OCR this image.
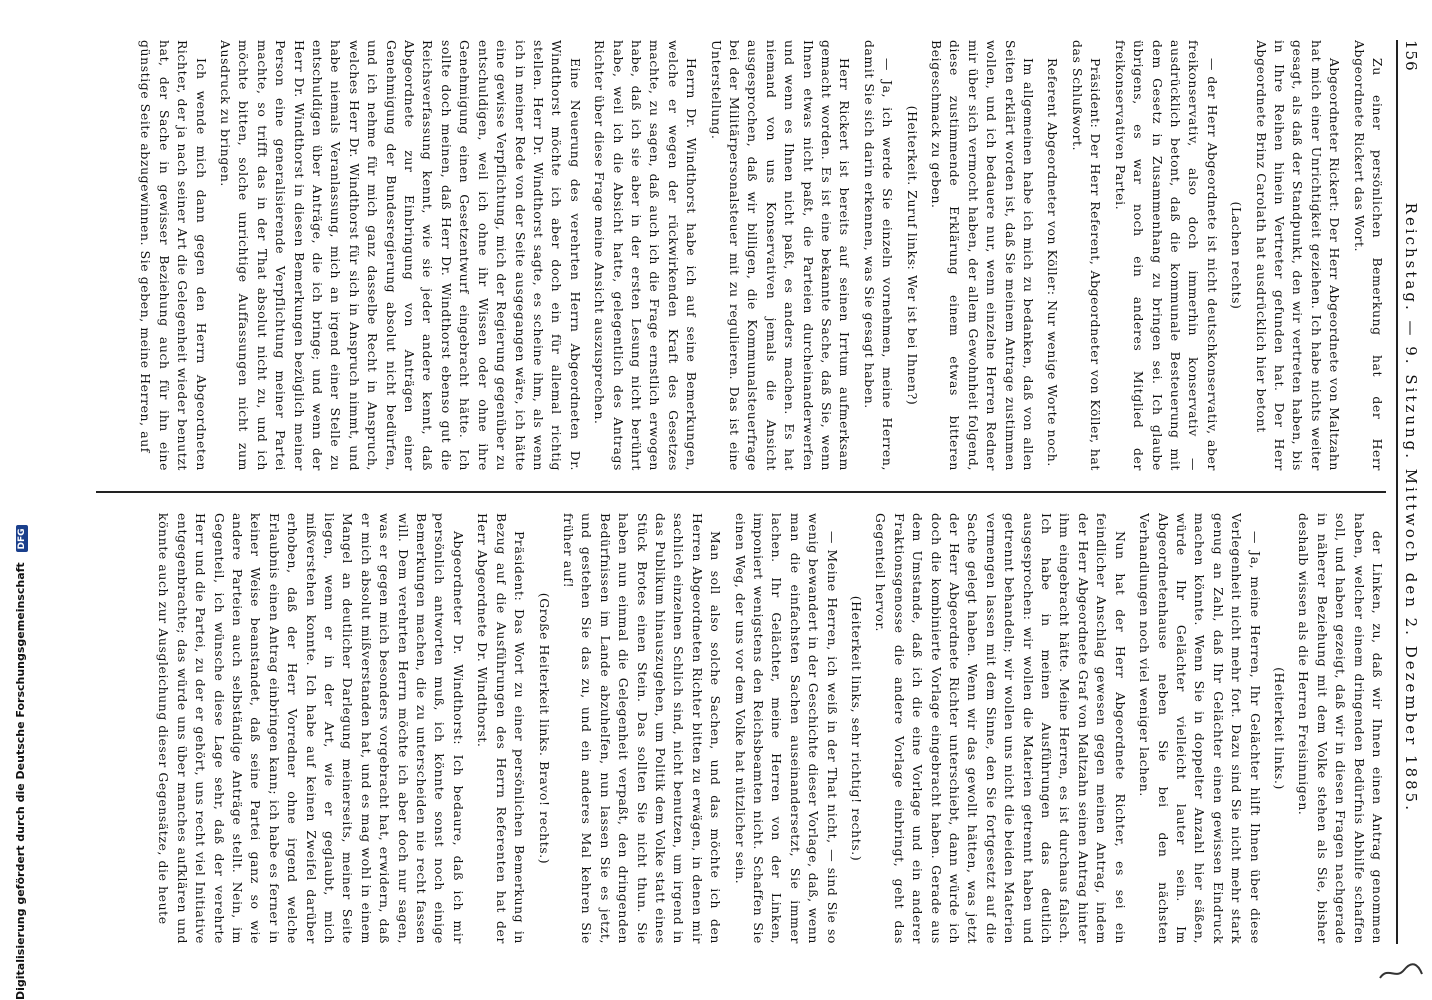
156
Reichstag. — 9. Sitzung. Mittwoch den 2. Dezember 1885.

Zu einer persönlichen Bemerkung hat der Herr Abgeordnete Rickert das Wort.

Abgeordneter Rickert: Der Herr Abgeordnete von Maltzahn hat mich einer Unrichtigkeit geziehen. Ich habe nichts weiter gesagt, als daß der Standpunkt, den wir vertreten haben, bis in Ihre Reihen hinein Vertreter gefunden hat. Der Herr Abgeordnete Brinz Carolath hat ausdrücklich hier betont

(Lachen rechts)

— der Herr Abgeordnete ist nicht deutschkonservativ, aber freikonservativ, also doch immerhin konservativ — ausdrücklich betont, daß die kommunale Besteuerung mit dem Gesetz in Zusammenhang zu bringen sei. Ich glaube übrigens, es war noch ein anderes Mitglied der freikonservativen Partei.

Präsident: Der Herr Referent, Abgeordneter von Köller, hat das Schlußwort.

Referent Abgeordneter von Köller: Nur wenige Worte noch.

Im allgemeinen habe ich mich zu bedanken, daß von allen Seiten erklärt worden ist, daß Sie meinem Antrage zustimmen wollen, und ich bedauere nur, wenn einzelne Herren Redner mir über sich vermocht haben, der allem Gewohnheit folgend, diese zustimmende Erklärung einem etwas bitteren Beigeschmack zu geben.

(Heiterkeit. Zuruf links: Wer ist bei Ihnen?)

— Ja, ich werde Sie einzeln vornehmen, meine Herren, damit Sie sich darin erkennen, was Sie gesagt haben.

Herr Rickert ist bereits auf seinen Irrtum aufmerksam gemacht worden. Es ist eine bekannte Sache, daß Sie, wenn Ihnen etwas nicht paßt, die Parteien durcheinanderwerfen und wenn es Ihnen nicht paßt, es anders machen. Es hat niemand von uns Konservativen jemals die Ansicht ausgesprochen, daß wir billigen, die Kommunalsteuerfrage bei der Militärpersonalsteuer mit zu regulieren. Das ist eine Unterstellung.

Herrn Dr. Windthorst habe ich auf seine Bemerkungen, welche er wegen der rückwirkenden Kraft des Gesetzes machte, zu sagen, daß auch ich die Frage ernstlich erwogen habe, daß ich sie aber in der ersten Lesung nicht berührt habe, weil ich die Absicht hatte, gelegentlich des Antrags Richter über diese Frage meine Ansicht auszusprechen.

Eine Neuerung des verehrten Herrn Abgeordneten Dr. Windthorst möchte ich aber doch ein für allemal richtig stellen. Herr Dr. Windthorst sagte, es scheine ihm, als wenn ich in meiner Rede von der Seite ausgegangen wäre, ich hätte eine gewisse Verpflichtung, mich der Regierung gegenüber zu entschuldigen, weil ich ohne ihr Wissen oder ohne ihre Genehmigung einen Gesetzentwurf eingebracht hätte. Ich sollte doch meinen, daß Herr Dr. Windthorst ebenso gut die Reichsverfassung kennt, wie sie jeder andere kennt, daß Abgeordnete zur Einbringung von Anträgen einer Genehmigung der Bundesregierung absolut nicht bedürfen, und ich nehme für mich ganz dasselbe Recht in Anspruch, welches Herr Dr. Windthorst für sich in Anspruch nimmt, und habe niemals Veranlassung, mich an irgend einer Stelle zu entschuldigen über Anträge, die ich bringe; und wenn der Herr Dr. Windthorst in diesen Bemerkungen bezüglich meiner Person eine generalisierende Verpflichtung meiner Partei machte, so trifft das in der That absolut nicht zu, und ich möchte bitten, solche unrichtige Auffassungen nicht zum Ausdruck zu bringen.

Ich wende mich dann gegen den Herrn Abgeordneten Richter, der ja nach seiner Art die Gelegenheit wieder benutzt hat, der Sache in gewisser Beziehung auch für ihn eine günstige Seite abzugewinnen. Sie geben, meine Herren, auf

der Linken, zu, daß wir Ihnen einen Antrag genommen haben, welcher einem dringenden Bedürfnis Abhilfe schaffen soll, und haben gezeigt, daß wir in diesen Fragen nachgerade in näherer Beziehung mit dem Volke stehen als Sie, bisher deshalb wissen als die Herren Freisinnigen.

(Heiterkeit links.)

— Ja, meine Herren, Ihr Gelächter hilft Ihnen über diese Verlegenheit nicht mehr fort. Dazu sind Sie nicht mehr stark genug an Zahl, daß Ihr Gelächter einen gewissen Eindruck machen könnte. Wenn Sie in doppelter Anzahl hier säßen, würde Ihr Gelächter vielleicht lauter sein. Im Abgeordnetenhause neben Sie bei den nächsten Verhandlungen noch viel weniger lachen.

Nun hat der Herr Abgeordnete Richter, es sei ein feindlicher Anschlag gewesen gegen meinen Antrag, indem der Herr Abgeordnete Graf von Maltzahn seinen Antrag hinter ihm eingebracht hätte. Meine Herren, es ist durchaus falsch. Ich habe in meinen Ausführungen das deutlich ausgesprochen: wir wollen die Materien getrennt haben und getrennt behandeln; wir wollen uns nicht die beiden Materien vermengen lassen mit dem Sinne, den Sie fortgesetzt auf die Sache gelegt haben. Wenn wir das gewollt hätten, was jetzt der Herr Abgeordnete Richter unterschiebt, dann würde ich doch die kombinierte Vorlage eingebracht haben. Gerade aus dem Umstande, daß ich die eine Vorlage und ein anderer Fraktionsgenosse die andere Vorlage einbringt, geht das Gegenteil hervor.

(Heiterkeit links, sehr richtig! rechts.)

— Meine Herren, ich weiß in der That nicht, — sind Sie so wenig bewandert in der Geschichte dieser Vorlage, daß, wenn man die einfachsten Sachen auseinandersetzt, Sie immer lachen. Ihr Gelächter, meine Herren von der Linken, imponiert wenigstens den Reichsbeamten nicht. Schaffen Sie einen Weg, der uns vor dem Volke hat nützlicher sein.

Man soll also solche Sachen, und das möchte ich den Herren Abgeordneten Richter bitten zu erwägen, in denen mir sachlich einzelnen Schlich sind, nicht benutzen, um irgend in das Publikum hinauszugehen, um Politik dem Volke statt eines Stück Brotes einen Stein. Das sollten Sie nicht thun. Sie haben nun einmal die Gelegenheit verpaßt, den dringenden Bedürfnissen im Lande abzuhelfen, nun lassen Sie es jetzt, und gestehen Sie das zu, und ein anderes Mal kehren Sie früher auf!

(Große Heiterkeit links. Bravo! rechts.)

Präsident: Das Wort zu einer persönlichen Bemerkung in Bezug auf die Ausführungen des Herrn Referenten hat der Herr Abgeordnete Dr. Windthorst.

Abgeordneter Dr. Windthorst: Ich bedaure, daß ich mir persönlich antworten muß, ich könnte sonst noch einige Bemerkungen machen, die zu unterscheiden nie recht fassen will. Dem verehrten Herrn möchte ich aber doch nur sagen, was er gegen mich besonders vorgebracht hat, erwidern, daß er mich absolut mißverstanden hat, und es mag wohl in einem Mangel an deutlicher Darlegung meinerseits, meiner Seite liegen, wenn er in der Art, wie er geglaubt, mich mißverstehen konnte. Ich habe auf keinen Zweifel darüber erhoben, daß der Herr Vorredner ohne irgend welche Erlaubnis einen Antrag einbringen kann; ich habe es ferner in keiner Weise beanstandet, daß seine Partei ganz so wie andere Parteien auch selbständige Anträge stellt. Nein, im Gegenteil, ich wünsche diese Lage sehr, daß der verehrte Herr und die Partei, zu der er gehört, uns recht viel Initiative entgegenbrachte; das würde uns über manches aufklären und könnte auch zur Ausgleichung dieser Gegensätze, die heute

Digitalisierung gefördert durch die Deutsche Forschungsgemeinschaft DFG
